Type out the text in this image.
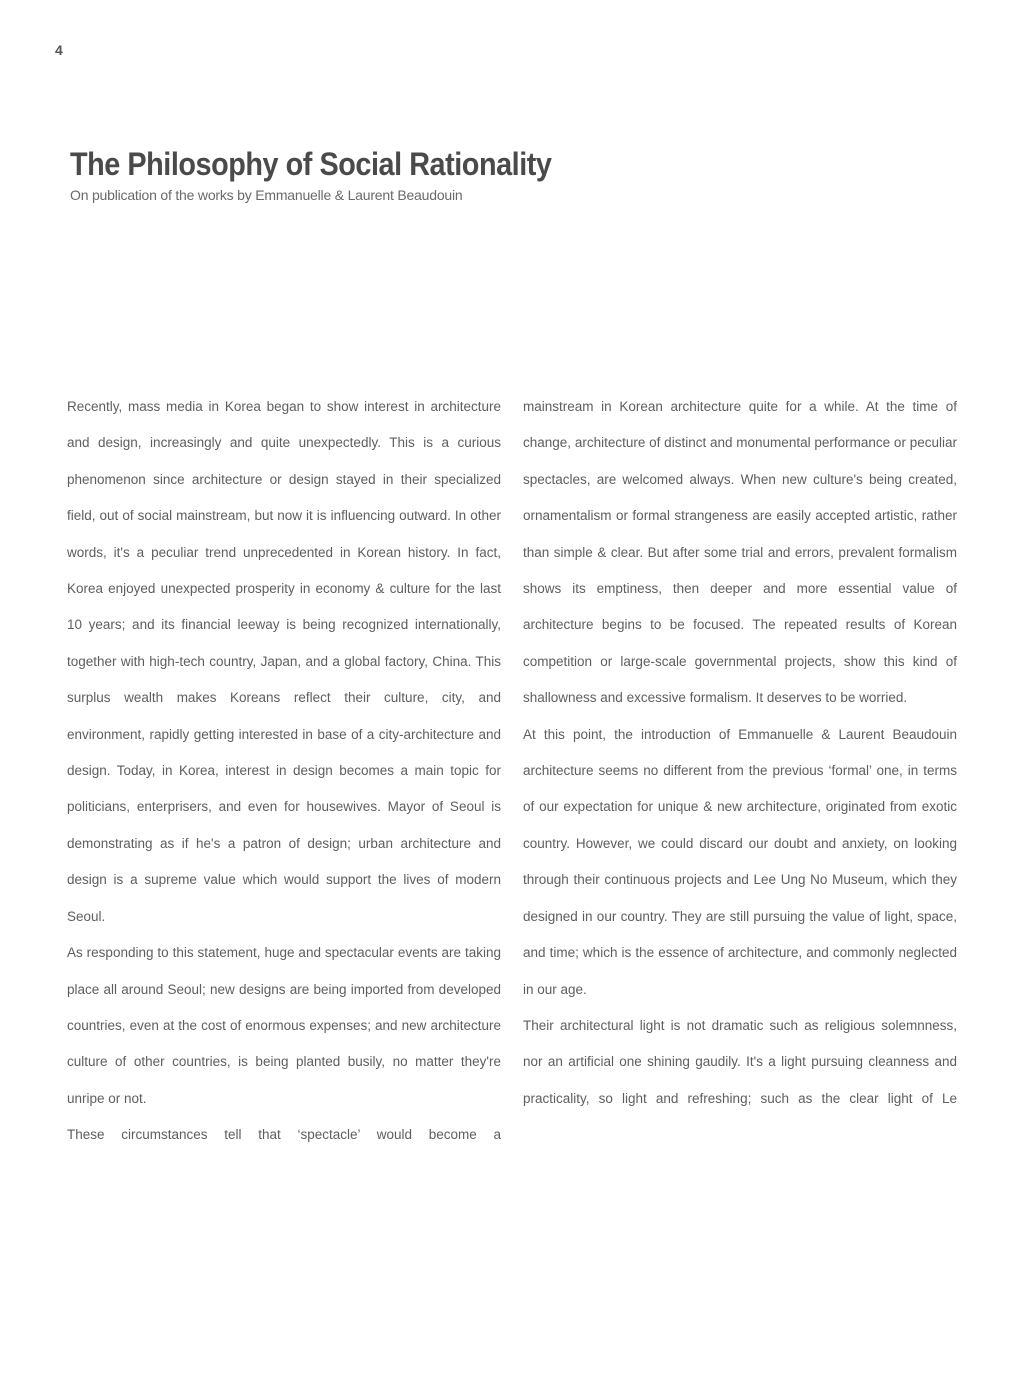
4
The Philosophy of Social Rationality
On publication of the works by Emmanuelle & Laurent Beaudouin

Recently, mass media in Korea began to show interest in architecture and design, increasingly and quite unexpectedly. This is a curious phenomenon since architecture or design stayed in their specialized field, out of social mainstream, but now it is influencing outward. In other words, it's a peculiar trend unprecedented in Korean history. In fact, Korea enjoyed unexpected prosperity in economy & culture for the last 10 years; and its financial leeway is being recognized internationally, together with high-tech country, Japan, and a global factory, China. This surplus wealth makes Koreans reflect their culture, city, and environment, rapidly getting interested in base of a city-architecture and design. Today, in Korea, interest in design becomes a main topic for politicians, enterprisers, and even for housewives. Mayor of Seoul is demonstrating as if he's a patron of design; urban architecture and design is a supreme value which would support the lives of modern Seoul.

As responding to this statement, huge and spectacular events are taking place all around Seoul; new designs are being imported from developed countries, even at the cost of enormous expenses; and new architecture culture of other countries, is being planted busily, no matter they're unripe or not.

These circumstances tell that ‘spectacle’ would become a

mainstream in Korean architecture quite for a while. At the time of change, architecture of distinct and monumental performance or peculiar spectacles, are welcomed always. When new culture's being created, ornamentalism or formal strangeness are easily accepted artistic, rather than simple & clear. But after some trial and errors, prevalent formalism shows its emptiness, then deeper and more essential value of architecture begins to be focused. The repeated results of Korean competition or large-scale governmental projects, show this kind of shallowness and excessive formalism. It deserves to be worried.

At this point, the introduction of Emmanuelle & Laurent Beaudouin architecture seems no different from the previous ‘formal’ one, in terms of our expectation for unique & new architecture, originated from exotic country. However, we could discard our doubt and anxiety, on looking through their continuous projects and Lee Ung No Museum, which they designed in our country. They are still pursuing the value of light, space, and time; which is the essence of architecture, and commonly neglected in our age.

Their architectural light is not dramatic such as religious solemnness, nor an artificial one shining gaudily. It's a light pursuing cleanness and practicality, so light and refreshing; such as the clear light of Le
